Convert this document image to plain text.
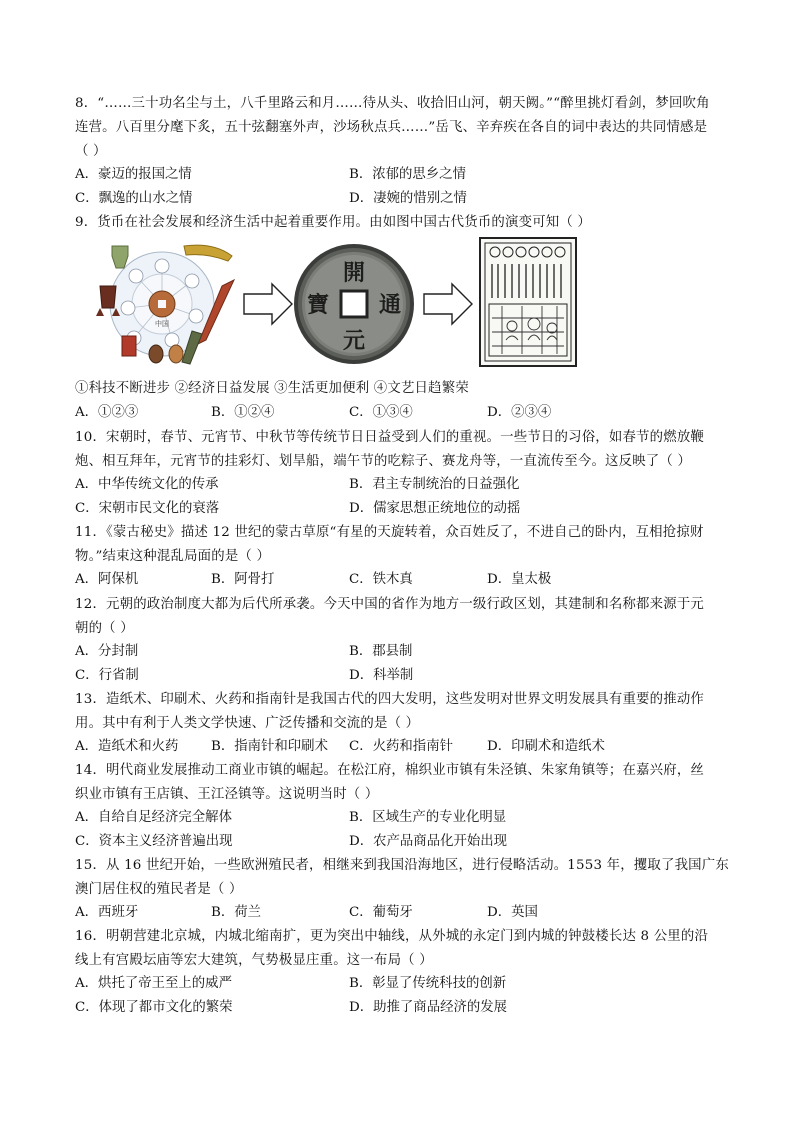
8．“……三十功名尘与土，八千里路云和月……待从头、收拾旧山河，朝天阙。”“醉里挑灯看剑，梦回吹角
连营。八百里分麾下炙，五十弦翻塞外声，沙场秋点兵……”岳飞、辛弃疾在各自的词中表达的共同情感是
（ ）
A．豪迈的报国之情	B．浓郁的思乡之情
C．飘逸的山水之情	D．凄婉的惜别之情
9．货币在社会发展和经济生活中起着重要作用。由如图中国古代货币的演变可知（ ）
中国
開
元
通
寶
①科技不断进步 ②经济日益发展 ③生活更加便利 ④文艺日趋繁荣
A．①②③	B．①②④	C．①③④	D．②③④
10．宋朝时，春节、元宵节、中秋节等传统节日日益受到人们的重视。一些节日的习俗，如春节的燃放鞭
炮、相互拜年，元宵节的挂彩灯、划旱船，端午节的吃粽子、赛龙舟等，一直流传至今。这反映了（ ）
A．中华传统文化的传承	B．君主专制统治的日益强化
C．宋朝市民文化的衰落	D．儒家思想正统地位的动摇
11．《蒙古秘史》描述 12 世纪的蒙古草原“有星的天旋转着，众百姓反了，不进自己的卧内，互相抢掠财
物。”结束这种混乱局面的是（ ）
A．阿保机	B．阿骨打	C．铁木真	D．皇太极
12．元朝的政治制度大都为后代所承袭。今天中国的省作为地方一级行政区划，其建制和名称都来源于元
朝的（ ）
A．分封制	B．郡县制
C．行省制	D．科举制
13．造纸术、印刷术、火药和指南针是我国古代的四大发明，这些发明对世界文明发展具有重要的推动作
用。其中有利于人类文学快速、广泛传播和交流的是（ ）
A．造纸术和火药 B．指南针和印刷术 C．火药和指南针	D．印刷术和造纸术
14．明代商业发展推动工商业市镇的崛起。在松江府，棉织业市镇有朱泾镇、朱家角镇等；在嘉兴府，丝
织业市镇有王店镇、王江泾镇等。这说明当时（ ）
A．自给自足经济完全解体	B．区域生产的专业化明显
C．资本主义经济普遍出现	D．农产品商品化开始出现
15．从 16 世纪开始，一些欧洲殖民者，相继来到我国沿海地区，进行侵略活动。1553 年，攫取了我国广东
澳门居住权的殖民者是（ ）
A．西班牙	B．荷兰	C．葡萄牙	D．英国
16．明朝营建北京城，内城北缩南扩，更为突出中轴线，从外城的永定门到内城的钟鼓楼长达 8 公里的沿
线上有宫殿坛庙等宏大建筑，气势极显庄重。这一布局（ ）
A．烘托了帝王至上的威严	B．彰显了传统科技的创新
C．体现了都市文化的繁荣	D．助推了商品经济的发展
